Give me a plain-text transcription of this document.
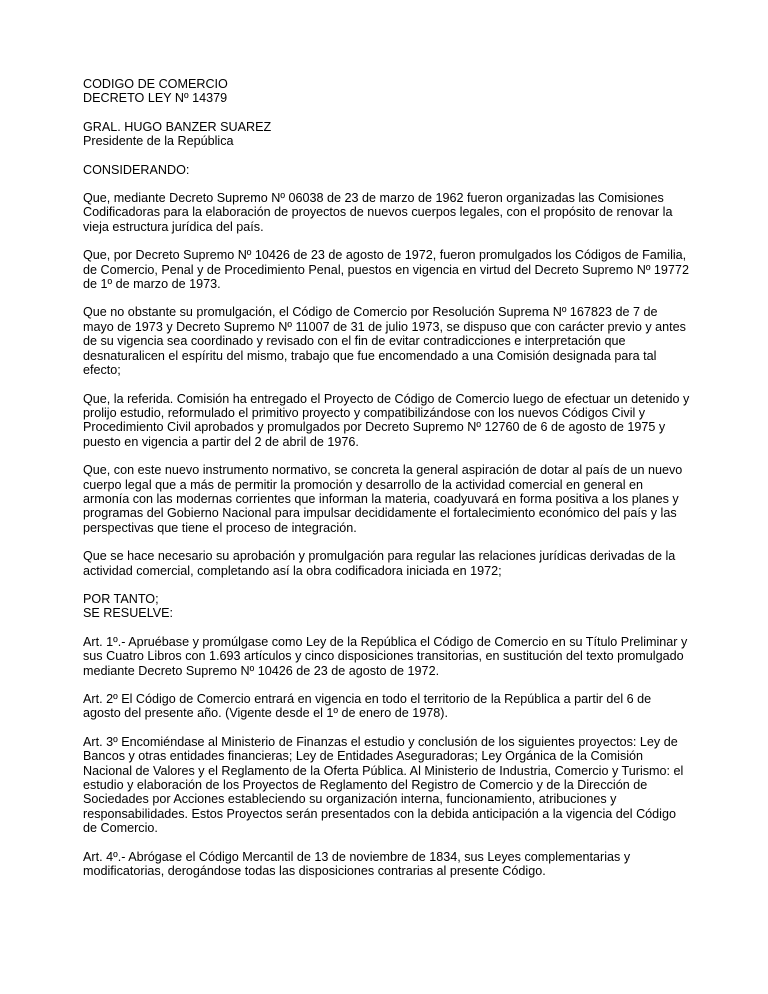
CODIGO DE COMERCIO
DECRETO LEY Nº 14379
GRAL. HUGO BANZER SUAREZ
Presidente de la República
CONSIDERANDO:
Que, mediante Decreto Supremo Nº 06038 de 23 de marzo de 1962 fueron organizadas las Comisiones
Codificadoras para la elaboración de proyectos de nuevos cuerpos legales, con el propósito de renovar la
vieja estructura jurídica del país.
Que, por Decreto Supremo Nº 10426 de 23 de agosto de 1972, fueron promulgados los Códigos de Familia,
de Comercio, Penal y de Procedimiento Penal, puestos en vigencia en virtud del Decreto Supremo Nº 19772
de 1º de marzo de 1973.
Que no obstante su promulgación, el Código de Comercio por Resolución Suprema Nº 167823 de 7 de
mayo de 1973 y Decreto Supremo Nº 11007 de 31 de julio 1973, se dispuso que con carácter previo y antes
de su vigencia sea coordinado y revisado con el fin de evitar contradicciones e interpretación que
desnaturalicen el espíritu del mismo, trabajo que fue encomendado a una Comisión designada para tal
efecto;
Que, la referida. Comisión ha entregado el Proyecto de Código de Comercio luego de efectuar un detenido y
prolijo estudio, reformulado el primitivo proyecto y compatibilizándose con los nuevos Códigos Civil y
Procedimiento Civil aprobados y promulgados por Decreto Supremo Nº 12760 de 6 de agosto de 1975 y
puesto en vigencia a partir del 2 de abril de 1976.
Que, con este nuevo instrumento normativo, se concreta la general aspiración de dotar al país de un nuevo
cuerpo legal que a más de permitir la promoción y desarrollo de la actividad comercial en general en
armonía con las modernas corrientes que informan la materia, coadyuvará en forma positiva a los planes y
programas del Gobierno Nacional para impulsar decididamente el fortalecimiento económico del país y las
perspectivas que tiene el proceso de integración.
Que se hace necesario su aprobación y promulgación para regular las relaciones jurídicas derivadas de la
actividad comercial, completando así la obra codificadora iniciada en 1972;
POR TANTO;
SE RESUELVE:
Art. 1º.- Apruébase y promúlgase como Ley de la República el Código de Comercio en su Título Preliminar y
sus Cuatro Libros con 1.693 artículos y cinco disposiciones transitorias, en sustitución del texto promulgado
mediante Decreto Supremo Nº 10426 de 23 de agosto de 1972.
Art. 2º El Código de Comercio entrará en vigencia en todo el territorio de la República a partir del 6 de
agosto del presente año. (Vigente desde el 1º de enero de 1978).
Art. 3º Encomiéndase al Ministerio de Finanzas el estudio y conclusión de los siguientes proyectos: Ley de
Bancos y otras entidades financieras; Ley de Entidades Aseguradoras; Ley Orgánica de la Comisión
Nacional de Valores y el Reglamento de la Oferta Pública. Al Ministerio de Industria, Comercio y Turismo: el
estudio y elaboración de los Proyectos de Reglamento del Registro de Comercio y de la Dirección de
Sociedades por Acciones estableciendo su organización interna, funcionamiento, atribuciones y
responsabilidades. Estos Proyectos serán presentados con la debida anticipación a la vigencia del Código
de Comercio.
Art. 4º.- Abrógase el Código Mercantil de 13 de noviembre de 1834, sus Leyes complementarias y
modificatorias, derogándose todas las disposiciones contrarias al presente Código.
